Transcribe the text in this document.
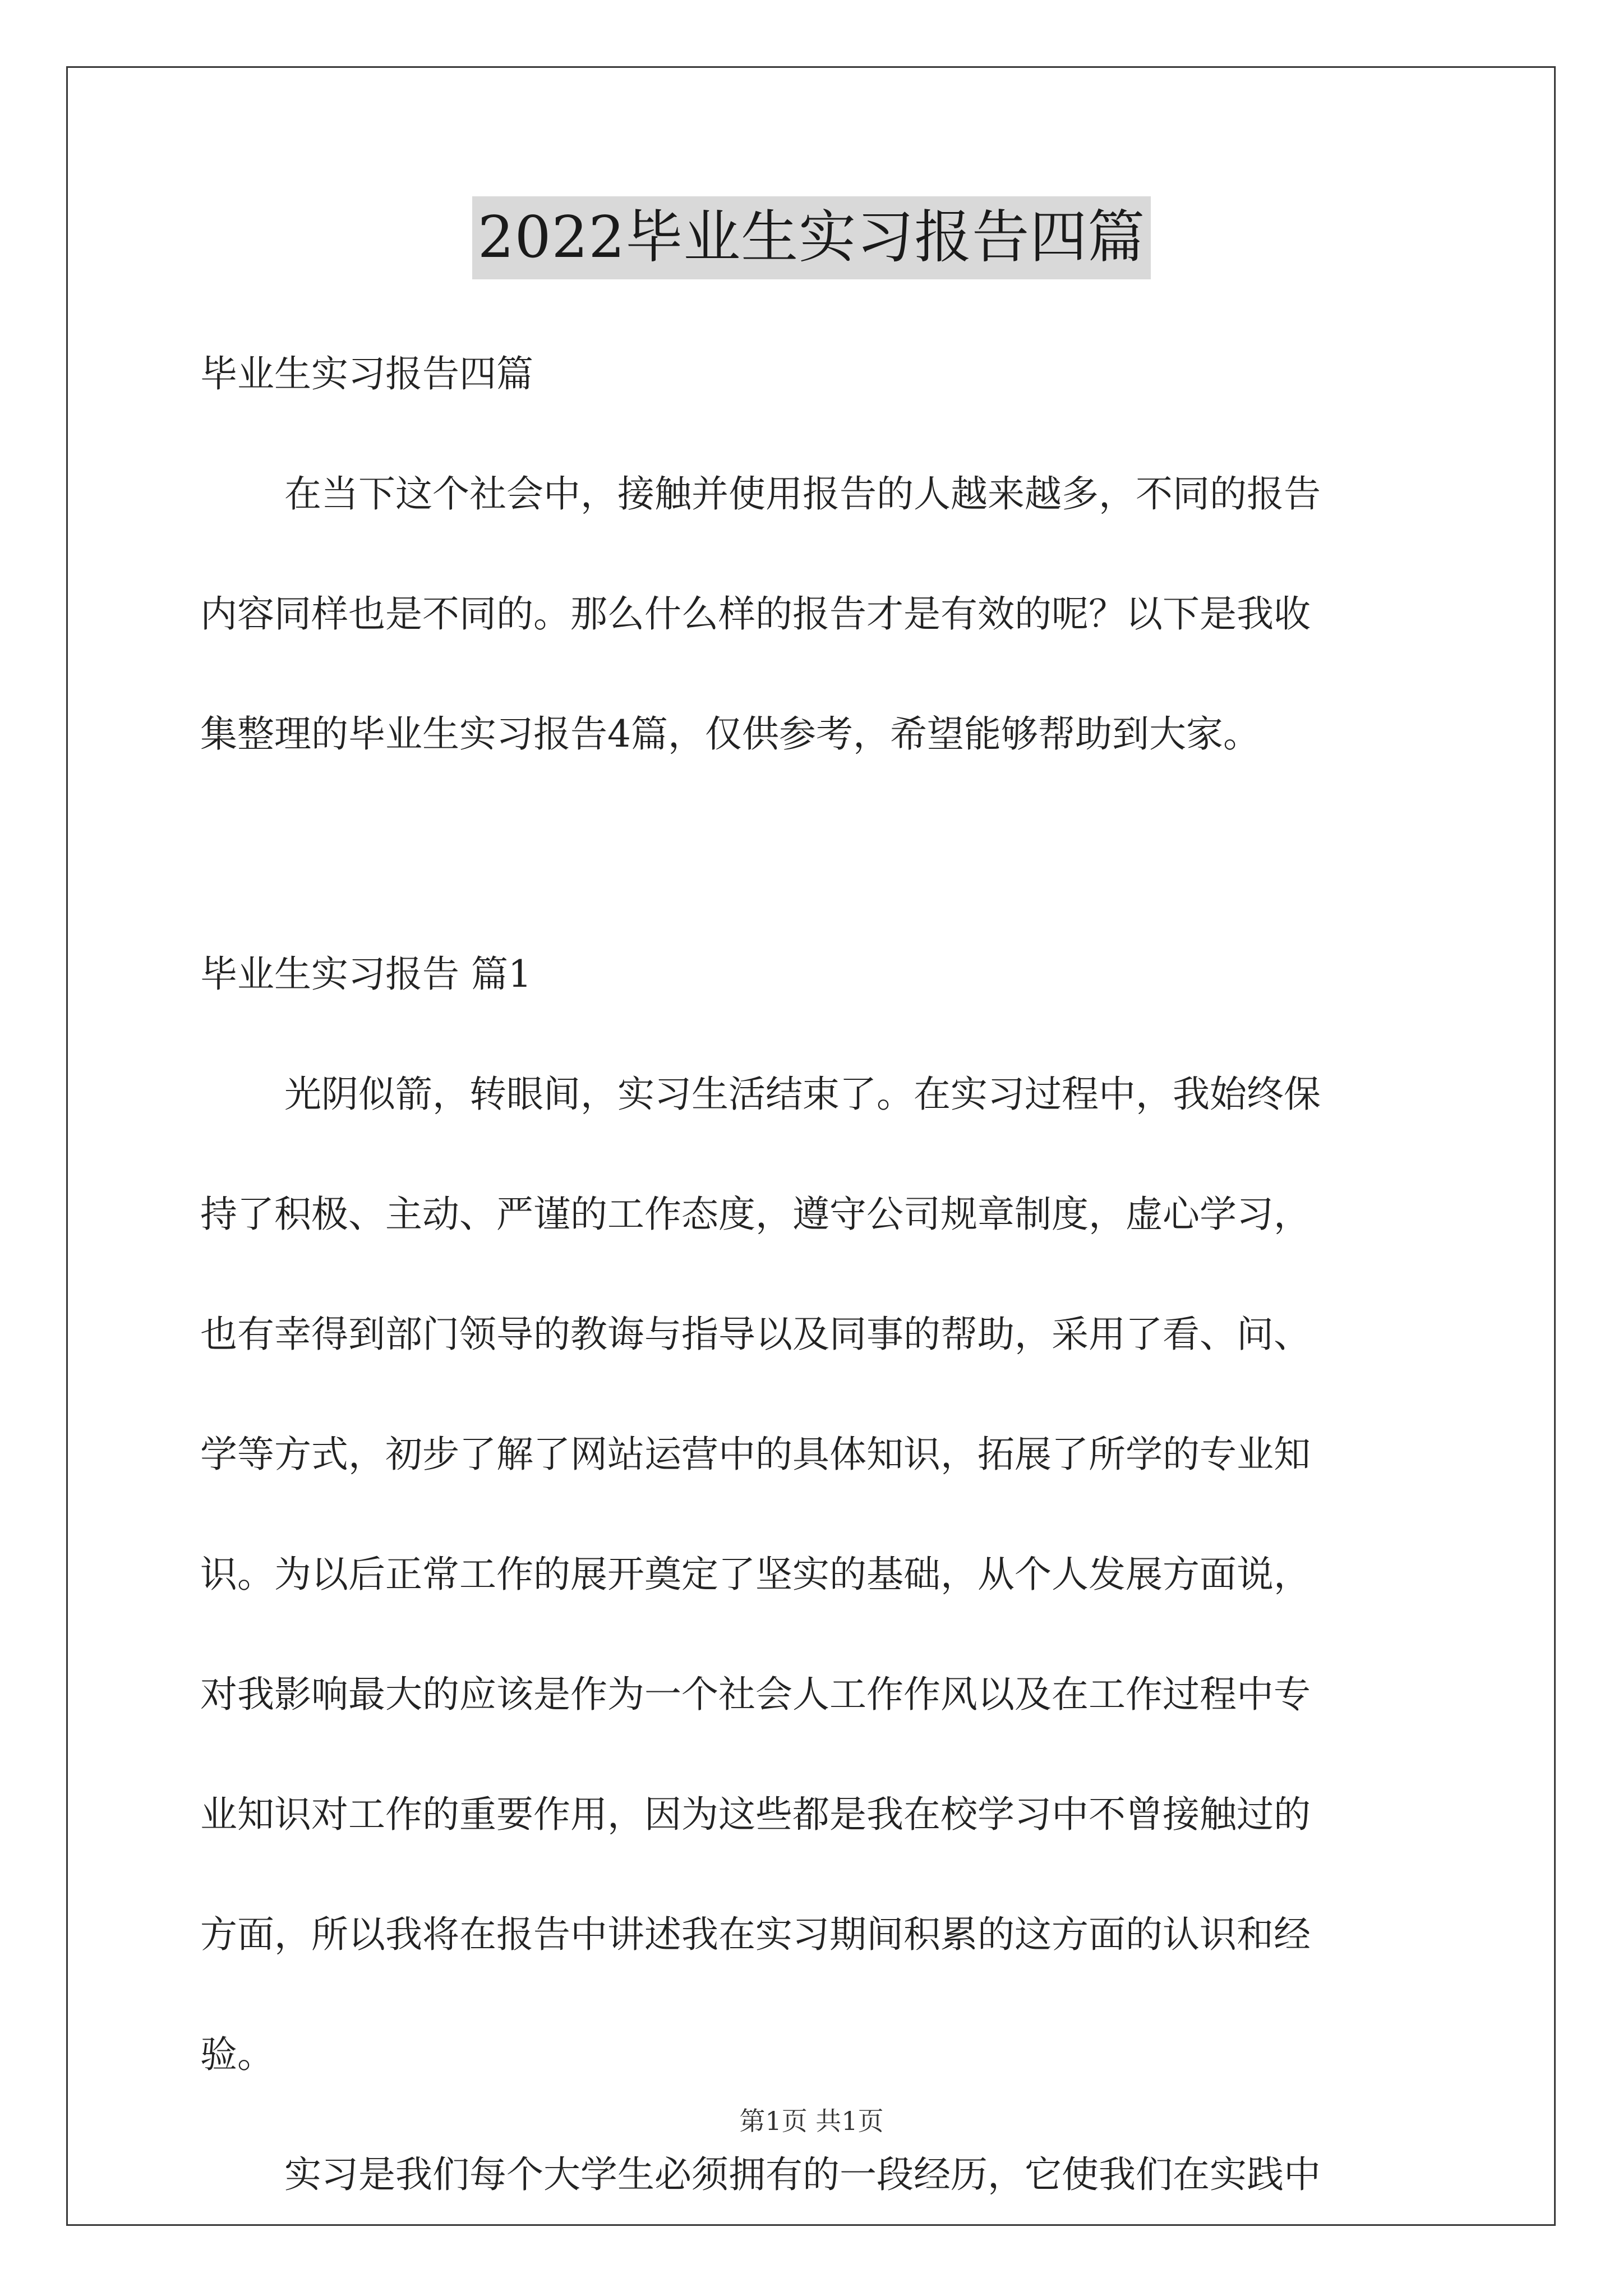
2022毕业生实习报告四篇
毕业生实习报告四篇
在当下这个社会中，接触并使用报告的人越来越多，不同的报告
内容同样也是不同的。那么什么样的报告才是有效的呢？以下是我收
集整理的毕业生实习报告4篇，仅供参考，希望能够帮助到大家。
毕业生实习报告 篇1
光阴似箭，转眼间，实习生活结束了。在实习过程中，我始终保
持了积极、主动、严谨的工作态度，遵守公司规章制度，虚心学习，
也有幸得到部门领导的教诲与指导以及同事的帮助，采用了看、问、
学等方式，初步了解了网站运营中的具体知识，拓展了所学的专业知
识。为以后正常工作的展开奠定了坚实的基础，从个人发展方面说，
对我影响最大的应该是作为一个社会人工作作风以及在工作过程中专
业知识对工作的重要作用，因为这些都是我在校学习中不曾接触过的
方面，所以我将在报告中讲述我在实习期间积累的这方面的认识和经
验。
实习是我们每个大学生必须拥有的一段经历，它使我们在实践中
第1页 共1页
